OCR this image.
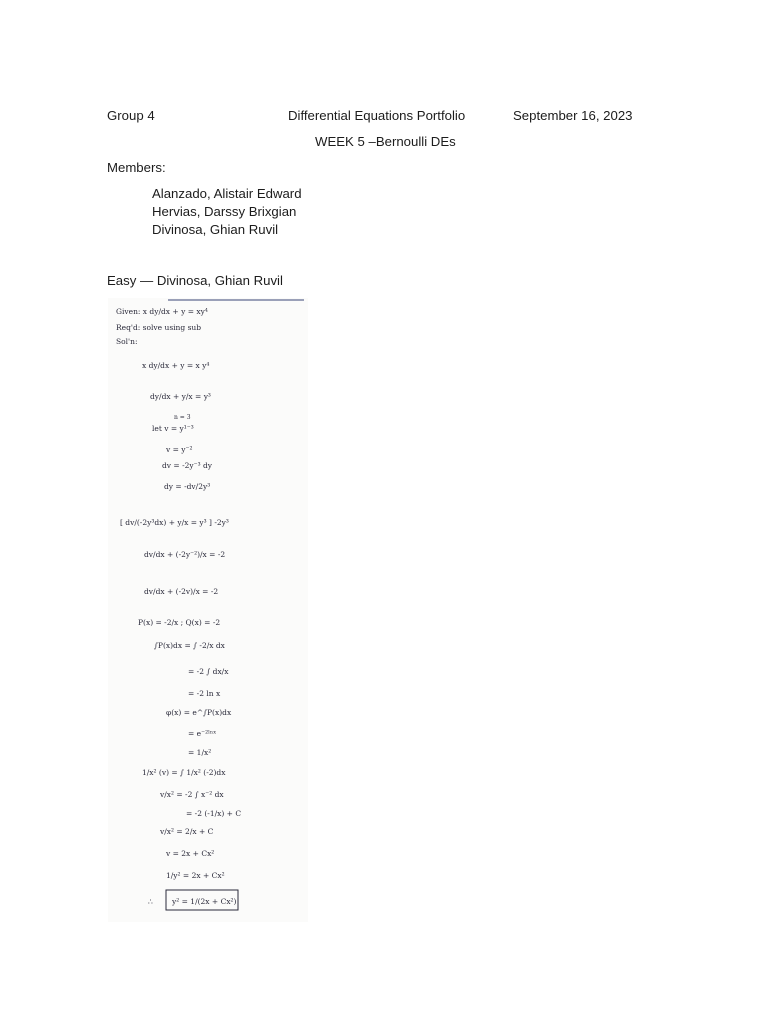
Group 4	Differential Equations Portfolio	September 16, 2023
WEEK 5 –Bernoulli DEs
Members:
Alanzado, Alistair Edward
Hervias, Darssy Brixgian
Divinosa, Ghian Ruvil
Easy — Divinosa, Ghian Ruvil
Given: x dy/dx + y = xy⁴
Req'd: solve using sub
Sol'n:
x dy/dx + y = x y⁴
dy/dx + y/x = y³
n = 3
let v = y¹⁻³
v = y⁻²
dv = -2y⁻³ dy
dy = -dv/2y³
[ dv/(-2y³dx) + y/x = y³ ] -2y³
dv/dx + (-2y⁻²)/x = -2
dv/dx + (-2v)/x = -2
P(x) = -2/x ; Q(x) = -2
∫P(x)dx = ∫ -2/x dx
= -2 ∫ dx/x
= -2 ln x
φ(x) = e^∫P(x)dx
= e⁻²ˡⁿˣ
= 1/x²
1/x² (v) = ∫ 1/x² (-2)dx
v/x² = -2 ∫ x⁻² dx
= -2 (-1/x) + C
v/x² = 2/x + C
v = 2x + Cx²
1/y² = 2x + Cx²
∴	y² = 1/(2x + Cx²)
